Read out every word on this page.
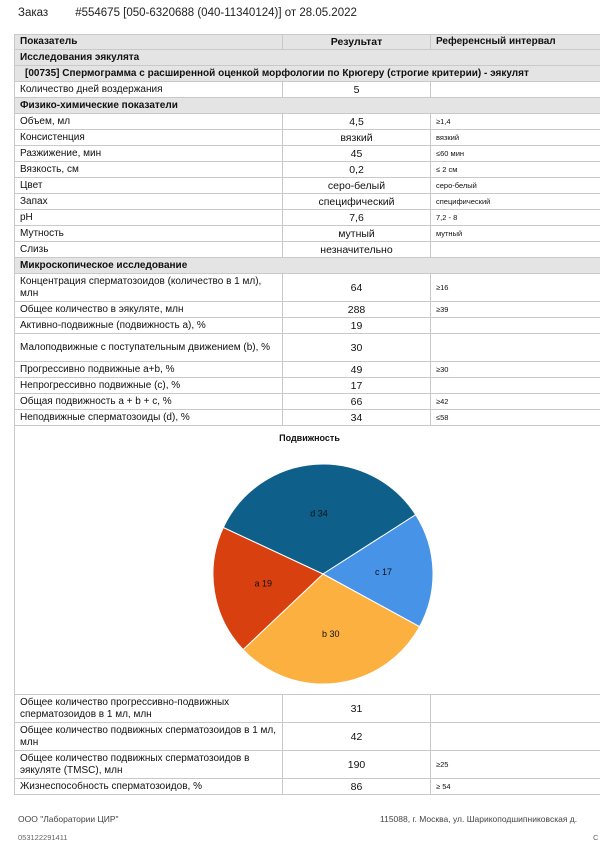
Заказ #554675 [050-6320688 (040-11340124)] от 28.05.2022
Показатель	Результат	Референсный интервал
Исследования эякулята		
[00735] Спермограмма с расширенной оценкой морфологии по Крюгеру (строгие критерии) - эякулят		
Количество дней воздержания	5	
Физико-химические показатели		
Объем, мл	4,5	≥1,4
Консистенция	вязкий	вязкий
Разжижение, мин	45	≤60 мин
Вязкость, см	0,2	≤ 2 см
Цвет	серо-белый	серо-белый
Запах	специфический	специфический
pH	7,6	7,2 - 8
Мутность	мутный	мутный
Слизь	незначительно	
Микроскопическое исследование		
Концентрация сперматозоидов (количество в 1 мл), млн	64	≥16
Общее количество в эякуляте, млн	288	≥39
Активно-подвижные (подвижность a), %	19	
Малоподвижные с поступательным движением (b), %	30	
Прогрессивно подвижные a+b, %	49	≥30
Непрогрессивно подвижные (c), %	17	
Общая подвижность a + b + c, %	66	≥42
Неподвижные сперматозоиды (d), %	34	≤58

Подвижность
d 34
c 17
b 30
a 19		

Общее количество прогрессивно-подвижных сперматозоидов в 1 мл, млн	31	
Общее количество подвижных сперматозоидов в 1 мл, млн	42	
Общее количество подвижных сперматозоидов в эякуляте (TMSC), млн	190	≥25
Жизнеспособность сперматозоидов, %	86	≥ 54
ООО "Лаборатории ЦИР"	115088, г. Москва, ул. Шарикоподшипниковская д.
053122291411	С
